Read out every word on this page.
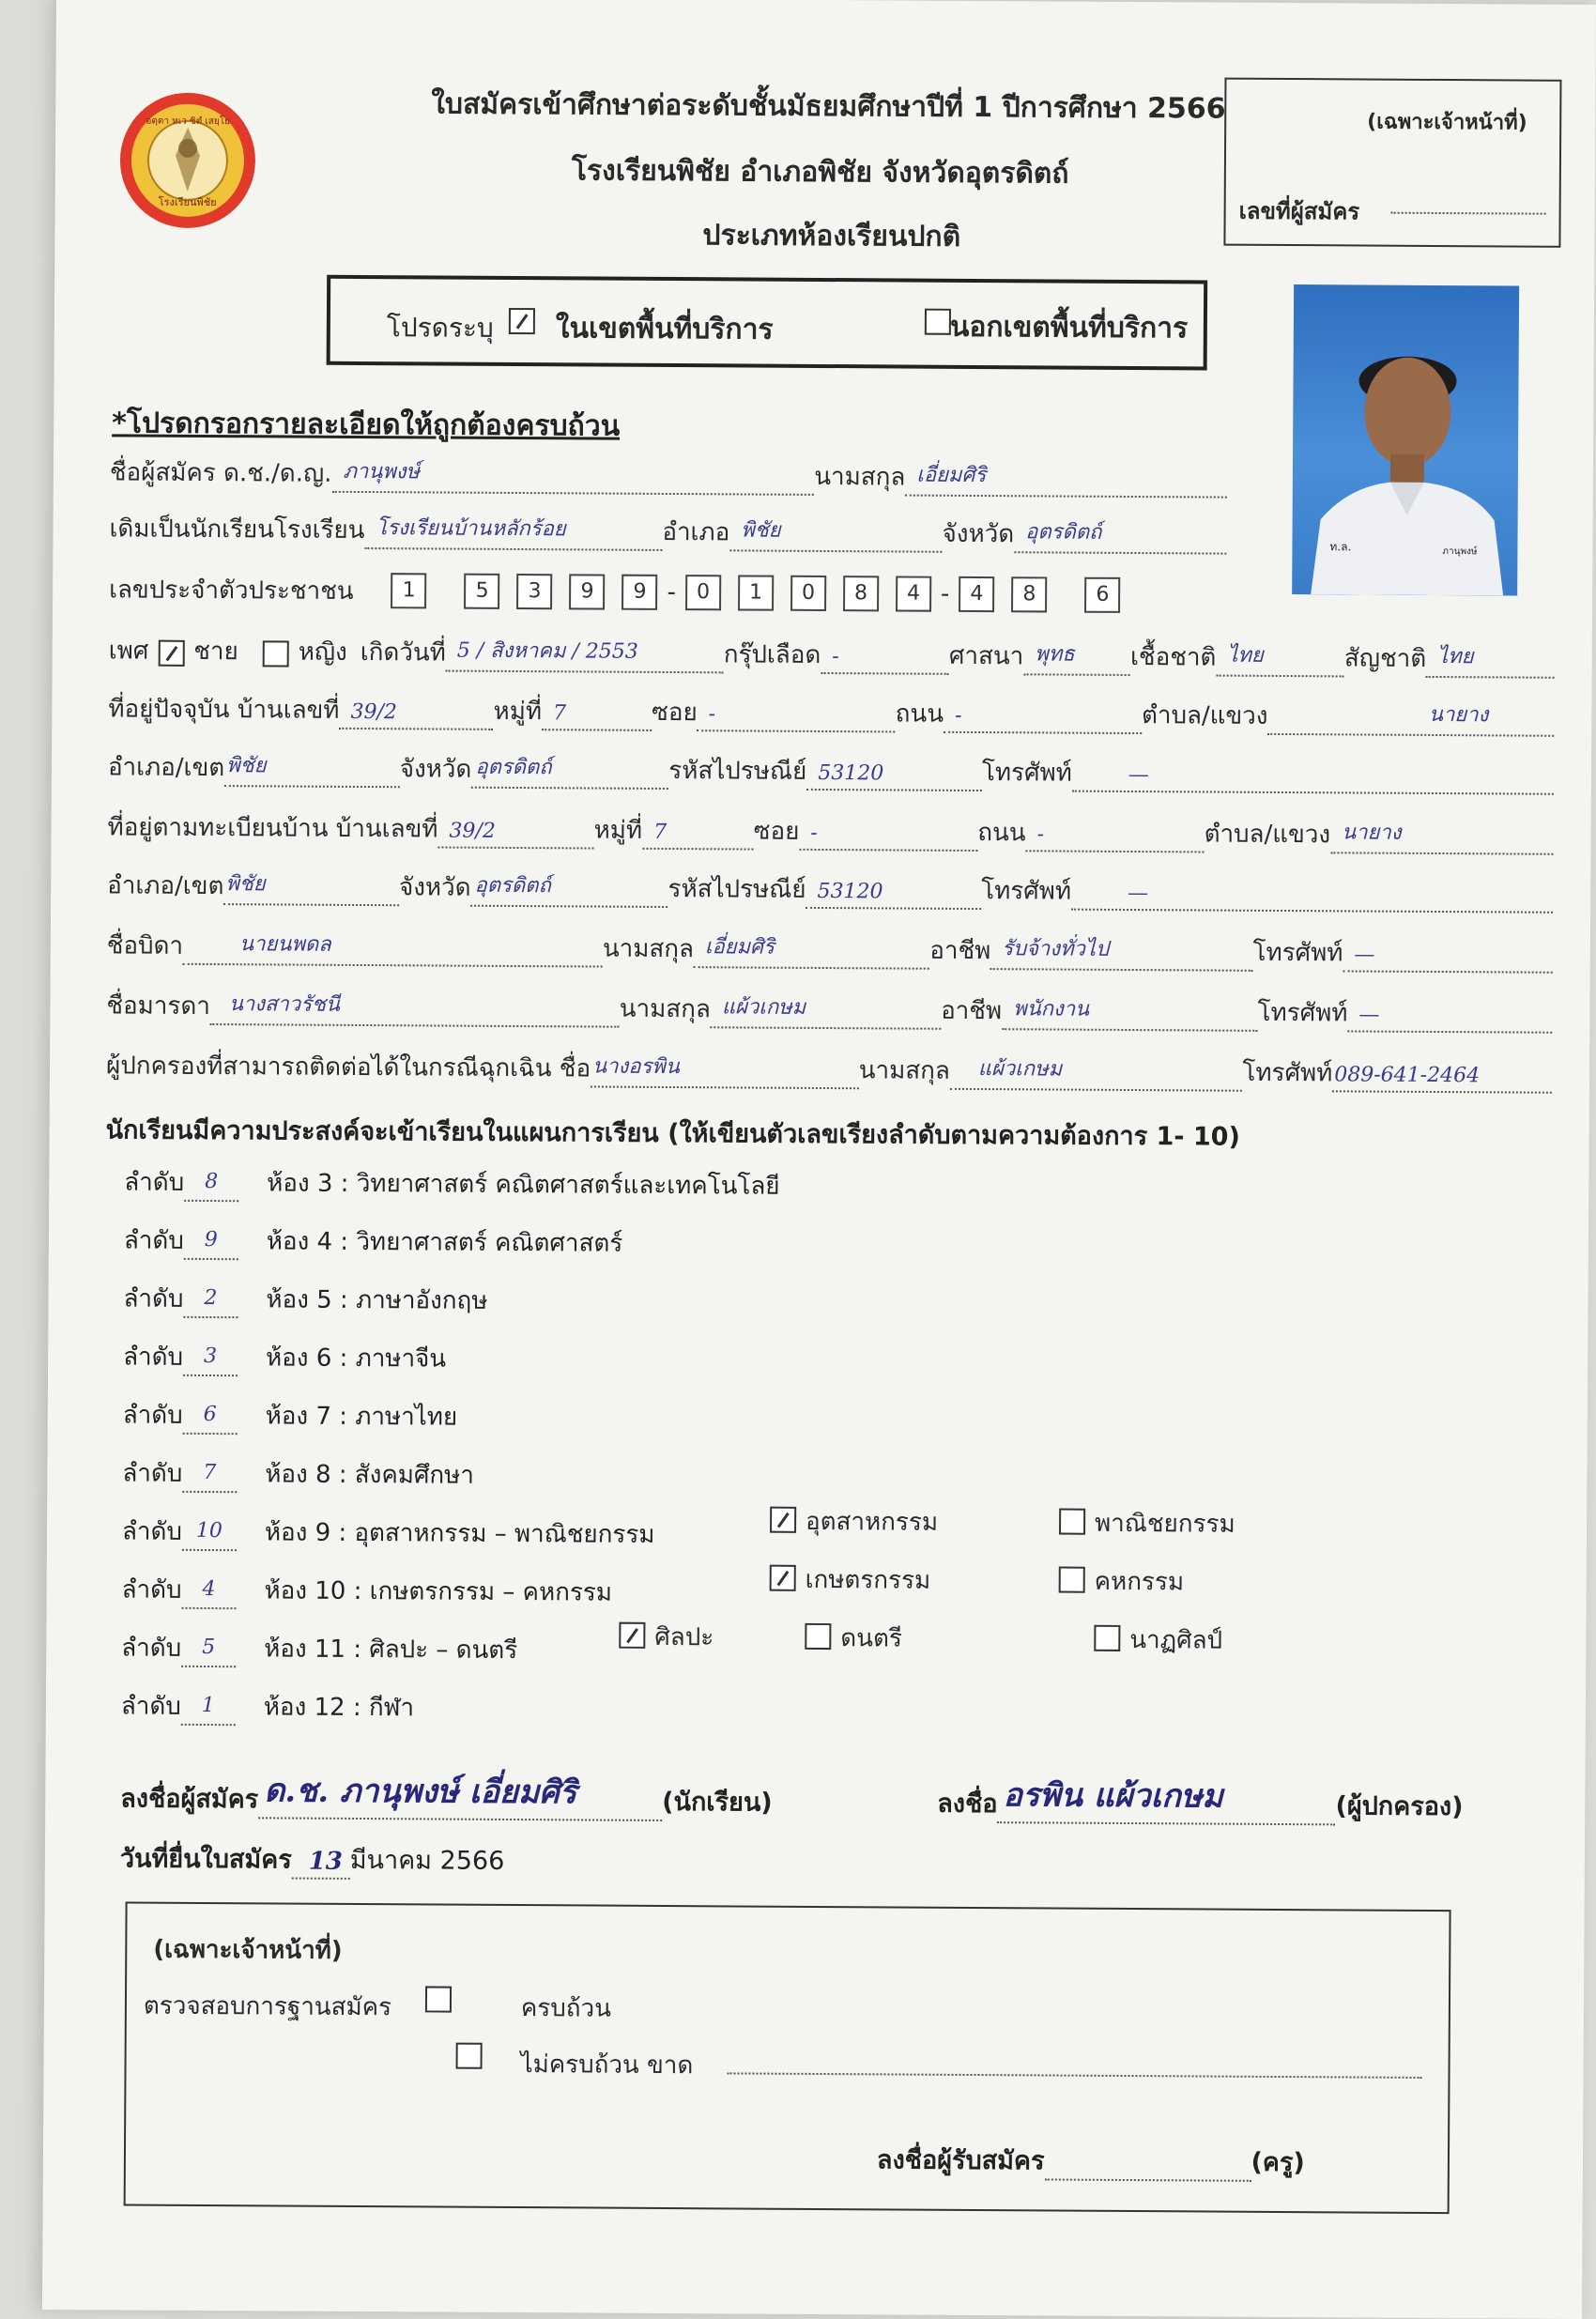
อตฺตา หเว ชิตํ เสยฺโย
โรงเรียนพิชัย
ใบสมัครเข้าศึกษาต่อระดับชั้นมัธยมศึกษาปีที่ 1 ปีการศึกษา 2566
โรงเรียนพิชัย อำเภอพิชัย จังหวัดอุตรดิตถ์
ประเภทห้องเรียนปกติ
(เฉพาะเจ้าหน้าที่)
เลขที่ผู้สมัคร
โปรดระบุ
ในเขตพื้นที่บริการ	นอกเขตพื้นที่บริการ
ท.ล.	ภานุพงษ์
*โปรดกรอกรายละเอียดให้ถูกต้องครบถ้วน
ชื่อผู้สมัคร ด.ช./ด.ญ. ภานุพงษ์	นามสกุล เอี่ยมศิริ
เดิมเป็นนักเรียนโรงเรียน โรงเรียนบ้านหลักร้อย	อำเภอ พิชัย	จังหวัด อุตรดิตถ์
เลขประจำตัวประชาชน	1	5	3	9	9 - 0	1	0	8	4 - 4	8	6
เพศ ชาย หญิง เกิดวันที่ 5 / สิงหาคม / 2553	กรุ๊ปเลือด -	ศาสนา พุทธ เชื้อชาติ ไทย	สัญชาติ ไทย
ที่อยู่ปัจจุบัน บ้านเลขที่ 39/2	หมู่ที่ 7	ซอย -	ถนน -	ตำบล/แขวง	นายาง
อำเภอ/เขต พิชัย	จังหวัด อุตรดิตถ์	รหัสไปรษณีย์ 53120	โทรศัพท์	—
ที่อยู่ตามทะเบียนบ้าน บ้านเลขที่ 39/2	หมู่ที่ 7	ซอย -	ถนน -	ตำบล/แขวง นายาง
อำเภอ/เขต พิชัย	จังหวัด อุตรดิตถ์	รหัสไปรษณีย์ 53120	โทรศัพท์	—
ชื่อบิดา	นายนพดล	นามสกุล เอี่ยมศิริ	อาชีพ รับจ้างทั่วไป	โทรศัพท์ —
ชื่อมารดา นางสาวรัชนี	นามสกุล แผ้วเกษม	อาชีพ พนักงาน	โทรศัพท์ —
ผู้ปกครองที่สามารถติดต่อได้ในกรณีฉุกเฉิน ชื่อ นางอรพิน	นามสกุล แผ้วเกษม	โทรศัพท์ 089-641-2464
นักเรียนมีความประสงค์จะเข้าเรียนในแผนการเรียน (ให้เขียนตัวเลขเรียงลำดับตามความต้องการ 1- 10)
ลำดับ 8	ห้อง 3 : วิทยาศาสตร์ คณิตศาสตร์และเทคโนโลยี
ลำดับ 9	ห้อง 4 : วิทยาศาสตร์ คณิตศาสตร์
ลำดับ 2	ห้อง 5 : ภาษาอังกฤษ
ลำดับ 3	ห้อง 6 : ภาษาจีน
ลำดับ 6	ห้อง 7 : ภาษาไทย
ลำดับ 7	ห้อง 8 : สังคมศึกษา
ลำดับ 10	ห้อง 9 : อุตสาหกรรม – พาณิชยกรรม
ลำดับ 4	ห้อง 10 : เกษตรกรรม – คหกรรม
ลำดับ 5	ห้อง 11 : ศิลปะ – ดนตรี
ลำดับ 1	ห้อง 12 : กีฬา
อุตสาหกรรม	พาณิชยกรรม
เกษตรกรรม	คหกรรม
ศิลปะ	ดนตรี	นาฏศิลป์
ลงชื่อผู้สมัคร ด.ช. ภานุพงษ์ เอี่ยมศิริ	(นักเรียน)	ลงชื่อ อรพิน แผ้วเกษม	(ผู้ปกครอง)
วันที่ยื่นใบสมัคร 13 มีนาคม 2566
(เฉพาะเจ้าหน้าที่)
ตรวจสอบการฐานสมัคร
	ครบถ้วน
ไม่ครบถ้วน ขาด
ลงชื่อผู้รับสมัคร	(ครู)
